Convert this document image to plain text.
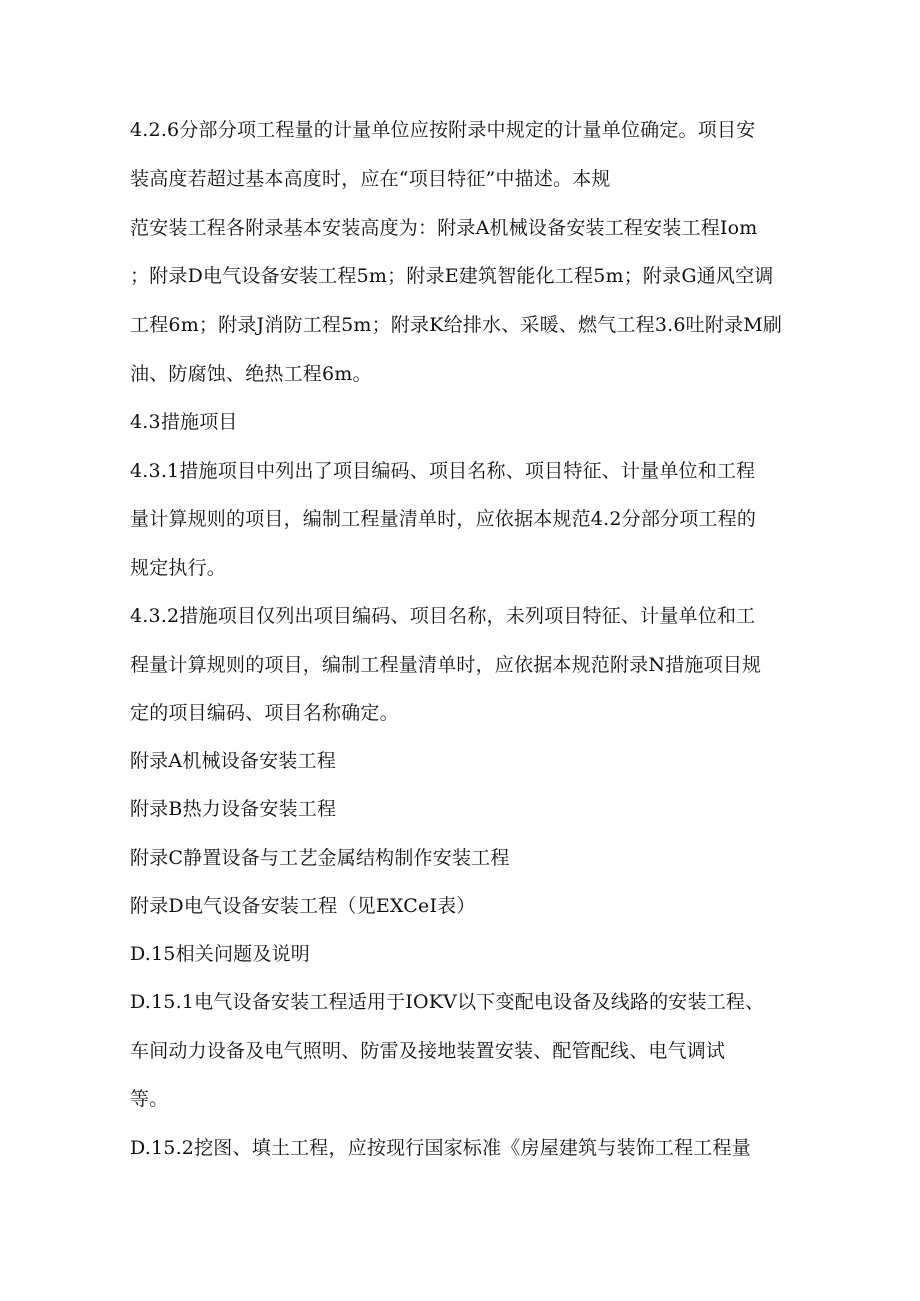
4.2.6分部分项工程量的计量单位应按附录中规定的计量单位确定。项目安
装高度若超过基本高度时，应在“项目特征”中描述。本规
范安装工程各附录基本安装高度为：附录A机械设备安装工程安装工程Iom
；附录D电气设备安装工程5m；附录E建筑智能化工程5m；附录G通风空调
工程6m；附录J消防工程5m；附录K给排水、采暖、燃气工程3.6吐附录M刷
油、防腐蚀、绝热工程6m。
4.3措施项目
4.3.1措施项目中列出了项目编码、项目名称、项目特征、计量单位和工程
量计算规则的项目，编制工程量清单时，应依据本规范4.2分部分项工程的
规定执行。
4.3.2措施项目仅列出项目编码、项目名称，未列项目特征、计量单位和工
程量计算规则的项目，编制工程量清单时，应依据本规范附录N措施项目规
定的项目编码、项目名称确定。
附录A机械设备安装工程
附录B热力设备安装工程
附录C静置设备与工艺金属结构制作安装工程
附录D电气设备安装工程（见EXCeI表）
D.15相关问题及说明
D.15.1电气设备安装工程适用于IOKV以下变配电设备及线路的安装工程、
车间动力设备及电气照明、防雷及接地装置安装、配管配线、电气调试
等。
D.15.2挖图、填土工程，应按现行国家标准《房屋建筑与装饰工程工程量
